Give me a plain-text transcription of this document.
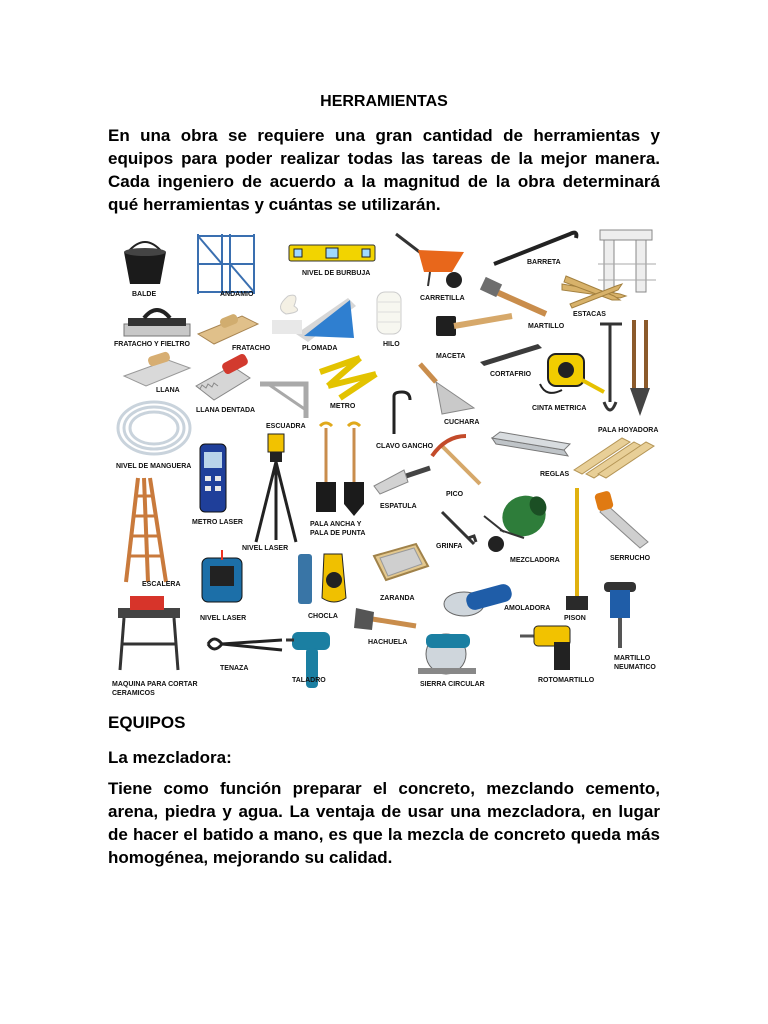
HERRAMIENTAS

En una obra se requiere una gran cantidad de herramientas y equipos para poder realizar todas las tareas de la mejor manera. Cada ingeniero de acuerdo a la magnitud de la obra determinará qué herramientas y cuántas se utilizarán.

BALDE	ANDAMIO
NIVEL DE BURBUJA
CARRETILLA
BARRETA
ESTACAS
MARTILLO
FRATACHO Y FIELTRO
FRATACHO	PLOMADA
HILO
MACETA
CORTAFRIO
CINTA METRICA
PALA HOYADORA
LLANA
LLANA DENTADA
ESCUADRA
METRO
CLAVO GANCHO
CUCHARA
NIVEL DE MANGUERA
REGLAS
METRO LASER
NIVEL LASER
PALA ANCHA Y
PALA DE PUNTA
ESPATULA
PICO
GRINFA
MEZCLADORA
PISON
SERRUCHO
ESCALERA
NIVEL LASER	CHOCLA
ZARANDA
HACHUELA
AMOLADORA
MARTILLO
NEUMATICO
MAQUINA PARA CORTAR
CERAMICOS
TENAZA
TALADRO
SIERRA CIRCULAR
ROTOMARTILLO
EQUIPOS
La mezcladora:

Tiene como función preparar el concreto, mezclando cemento, arena, piedra y agua. La ventaja de usar una mezcladora, en lugar de hacer el batido a mano, es que la mezcla de concreto queda más homogénea, mejorando su calidad.
